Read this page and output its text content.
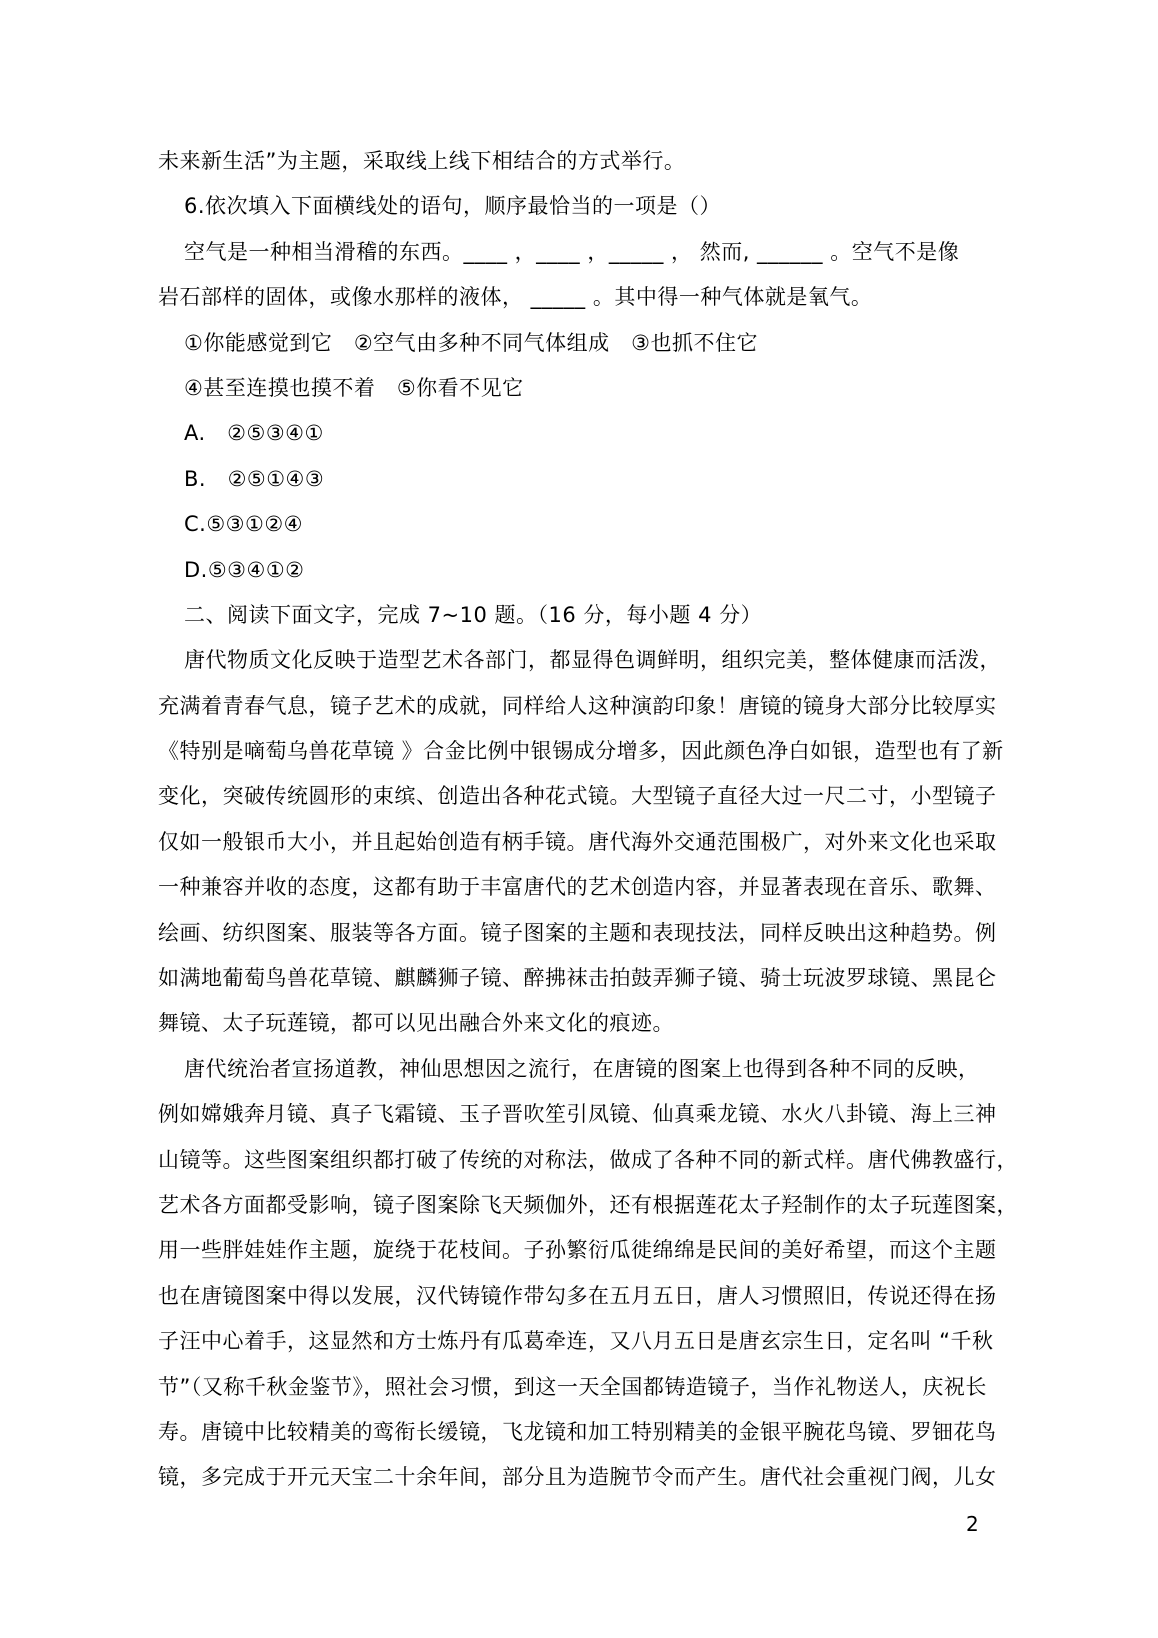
未来新生活”为主题，采取线上线下相结合的方式举行。
6.依次填入下面横线处的语句，顺序最恰当的一项是（）
空气是一种相当滑稽的东西。____ ，____ ，_____ ， 然而, ______ 。空气不是像
岩石部样的固体，或像水那样的液体， _____ 。其中得一种气体就是氧气。
①你能感觉到它　②空气由多种不同气体组成　③也抓不住它
④甚至连摸也摸不着　⑤你看不见它
A.　②⑤③④①
B.　②⑤①④③
C.⑤③①②④
D.⑤③④①②
二、阅读下面文字，完成 7~10 题。（16 分，每小题 4 分）
唐代物质文化反映于造型艺术各部门，都显得色调鲜明，组织完美，整体健康而活泼，
充满着青春气息，镜子艺术的成就，同样给人这种演韵印象！唐镜的镜身大部分比较厚实
《特别是嘀萄乌兽花草镜 》合金比例中银锡成分增多，因此颜色净白如银，造型也有了新
变化，突破传统圆形的束缤、创造出各种花式镜。大型镜子直径大过一尺二寸，小型镜子
仅如一般银币大小，并且起始创造有柄手镜。唐代海外交通范围极广，对外来文化也采取
一种兼容并收的态度，这都有助于丰富唐代的艺术创造内容，并显著表现在音乐、歌舞、
绘画、纺织图案、服装等各方面。镜子图案的主题和表现技法，同样反映出这种趋势。例
如满地葡萄鸟兽花草镜、麒麟狮子镜、醉拂袜击拍鼓弄狮子镜、骑士玩波罗球镜、黑昆仑
舞镜、太子玩莲镜，都可以见出融合外来文化的痕迹。
唐代统治者宣扬道教，神仙思想因之流行，在唐镜的图案上也得到各种不同的反映，
例如嫦娥奔月镜、真子飞霜镜、玉子晋吹笙引凤镜、仙真乘龙镜、水火八卦镜、海上三神
山镜等。这些图案组织都打破了传统的对称法，做成了各种不同的新式样。唐代佛教盛行，
艺术各方面都受影响，镜子图案除飞天频伽外，还有根据莲花太子羟制作的太子玩莲图案，
用一些胖娃娃作主题，旋绕于花枝间。子孙繁衍瓜徙绵绵是民间的美好希望，而这个主题
也在唐镜图案中得以发展，汉代铸镜作带勾多在五月五日，唐人习惯照旧，传说还得在扬
子汪中心着手，这显然和方士炼丹有瓜葛牵连，又八月五日是唐玄宗生日，定名叫 “千秋
节”（又称千秋金鉴节》，照社会习惯，到这一天全国都铸造镜子，当作礼物送人，庆祝长
寿。唐镜中比较精美的鸾衔长缓镜，飞龙镜和加工特别精美的金银平腕花鸟镜、罗钿花鸟
镜，多完成于开元天宝二十余年间，部分且为造腕节令而产生。唐代社会重视门阀，儿女
2
